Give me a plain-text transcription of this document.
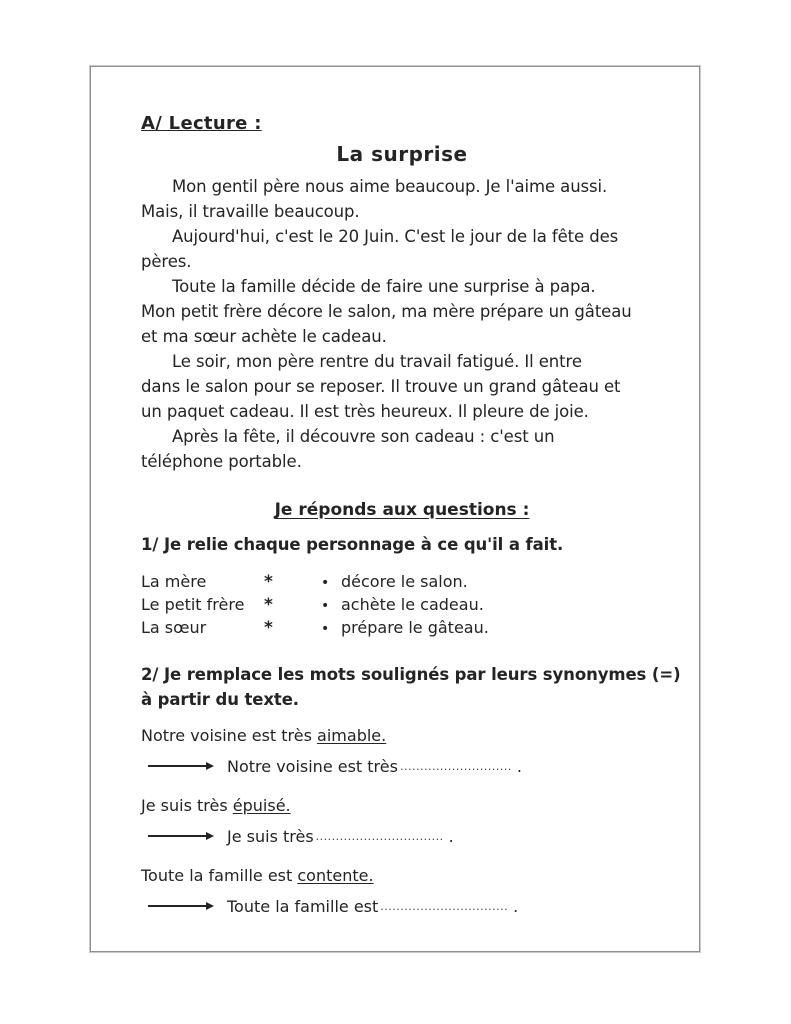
A/ Lecture :
La surprise
Mon gentil père nous aime beaucoup. Je l'aime aussi.
Mais, il travaille beaucoup.
Aujourd'hui, c'est le 20 Juin. C'est le jour de la fête des
pères.
Toute la famille décide de faire une surprise à papa.
Mon petit frère décore le salon, ma mère prépare un gâteau
et ma sœur achète le cadeau.
Le soir, mon père rentre du travail fatigué. Il entre
dans le salon pour se reposer. Il trouve un grand gâteau et
un paquet cadeau. Il est très heureux. Il pleure de joie.
Après la fête, il découvre son cadeau : c'est un
téléphone portable.
Je réponds aux questions :
1/ Je relie chaque personnage à ce qu'il a fait.
La mère	*	• décore le salon.
Le petit frère	*	• achète le cadeau.
La sœur	*	• prépare le gâteau.
2/ Je remplace les mots soulignés par leurs synonymes (=)
à partir du texte.
Notre voisine est très aimable.
Notre voisine est très ............................ .
Je suis très épuisé.
Je suis très ................................ .
Toute la famille est contente.
Toute la famille est ................................ .
